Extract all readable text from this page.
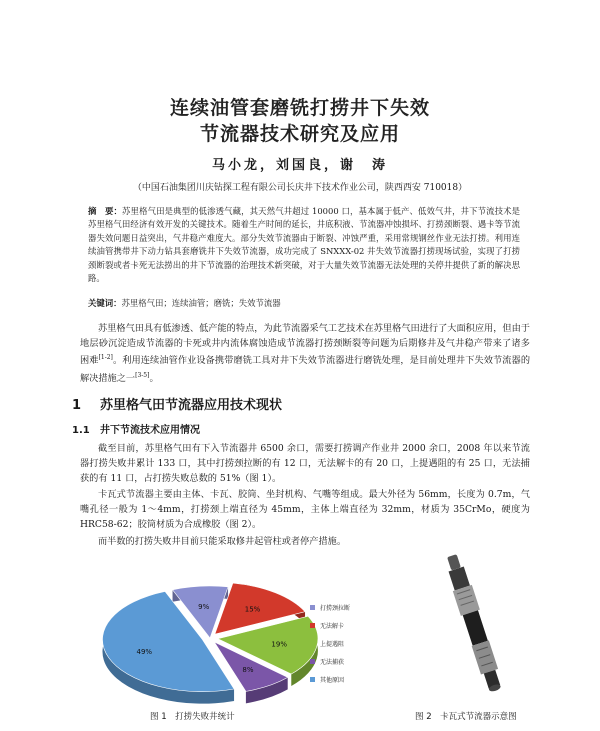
连续油管套磨铣打捞井下失效
节流器技术研究及应用
马小龙，刘国良，谢　涛
（中国石油集团川庆钻探工程有限公司长庆井下技术作业公司，陕西西安 710018）
摘　要：苏里格气田是典型的低渗透气藏，其天然气井超过 10000 口，基本属于低产、低效气井，井下节流技术是苏里格气田经济有效开发的关键技术。随着生产时间的延长，井底积液、节流器冲蚀损坏、打捞颈断裂、遇卡等节流器失效问题日益突出，气井稳产难度大。部分失效节流器由于断裂、冲蚀严重，采用常规钢丝作业无法打捞。利用连续油管携带井下动力钻具套磨铣井下失效节流器，成功完成了 SNXXX-02 井失效节流器打捞现场试验，实现了打捞颈断裂或者卡死无法捞出的井下节流器的治理技术新突破，对于大量失效节流器无法处理的关停井提供了新的解决思路。
关键词：苏里格气田；连续油管；磨铣；失效节流器
苏里格气田具有低渗透、低产能的特点，为此节流器采气工艺技术在苏里格气田进行了大面积应用，但由于地层砂沉淀造成节流器的卡死或井内流体腐蚀造成节流器打捞颈断裂等问题为后期修井及气井稳产带来了诸多困难[1-2]。利用连续油管作业设备携带磨铣工具对井下失效节流器进行磨铣处理，是目前处理井下失效节流器的解决措施之一[3-5]。
1 苏里格气田节流器应用技术现状
1.1 井下节流技术应用情况
截至目前，苏里格气田有下入节流器井 6500 余口，需要打捞调产作业井 2000 余口，2008 年以来节流器打捞失败井累计 133 口，其中打捞颈拉断的有 12 口，无法解卡的有 20 口，上提遇阻的有 25 口，无法捕获的有 11 口，占打捞失败总数的 51%（图 1）。
卡瓦式节流器主要由主体、卡瓦、胶筒、坐封机构、气嘴等组成。最大外径为 56mm，长度为 0.7m，气嘴孔径一般为 1～4mm，打捞颈上端直径为 45mm，主体上端直径为 32mm，材质为 35CrMo，硬度为 HRC58-62；胶筒材质为合成橡胶（图 2）。
而半数的打捞失败井目前只能采取修井起管柱或者停产措施。
9%	15%
19%
8%
49%
打捞颈拉断
无法解卡
上提遇阻
无法捕获
其他原因
图 1　打捞失败井统计	图 2　卡瓦式节流器示意图
